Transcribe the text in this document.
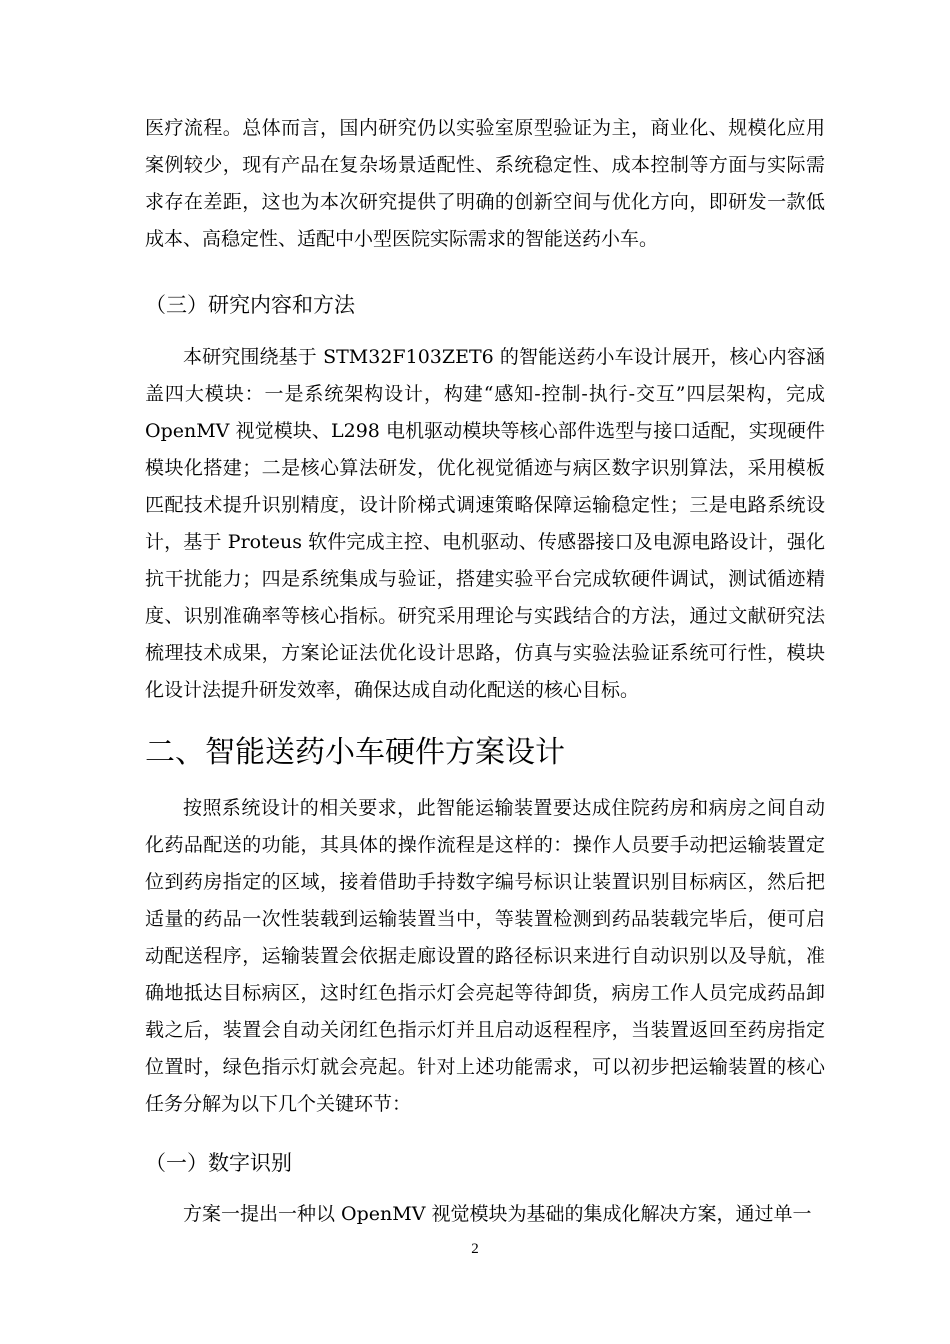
医疗流程。总体而言，国内研究仍以实验室原型验证为主，商业化、规模化应用案例较少，现有产品在复杂场景适配性、系统稳定性、成本控制等方面与实际需求存在差距，这也为本次研究提供了明确的创新空间与优化方向，即研发一款低成本、高稳定性、适配中小型医院实际需求的智能送药小车。

（三）研究内容和方法

本研究围绕基于 STM32F103ZET6 的智能送药小车设计展开，核心内容涵盖四大模块：一是系统架构设计，构建“感知-控制-执行-交互”四层架构，完成 OpenMV 视觉模块、L298 电机驱动模块等核心部件选型与接口适配，实现硬件模块化搭建；二是核心算法研发，优化视觉循迹与病区数字识别算法，采用模板匹配技术提升识别精度，设计阶梯式调速策略保障运输稳定性；三是电路系统设计，基于 Proteus 软件完成主控、电机驱动、传感器接口及电源电路设计，强化抗干扰能力；四是系统集成与验证，搭建实验平台完成软硬件调试，测试循迹精度、识别准确率等核心指标。研究采用理论与实践结合的方法，通过文献研究法梳理技术成果，方案论证法优化设计思路，仿真与实验法验证系统可行性，模块化设计法提升研发效率，确保达成自动化配送的核心目标。

二、智能送药小车硬件方案设计

按照系统设计的相关要求，此智能运输装置要达成住院药房和病房之间自动化药品配送的功能，其具体的操作流程是这样的：操作人员要手动把运输装置定位到药房指定的区域，接着借助手持数字编号标识让装置识别目标病区，然后把适量的药品一次性装载到运输装置当中，等装置检测到药品装载完毕后，便可启动配送程序，运输装置会依据走廊设置的路径标识来进行自动识别以及导航，准确地抵达目标病区，这时红色指示灯会亮起等待卸货，病房工作人员完成药品卸载之后，装置会自动关闭红色指示灯并且启动返程程序，当装置返回至药房指定位置时，绿色指示灯就会亮起。针对上述功能需求，可以初步把运输装置的核心任务分解为以下几个关键环节：

（一）数字识别

方案一提出一种以 OpenMV 视觉模块为基础的集成化解决方案，通过单一

2
